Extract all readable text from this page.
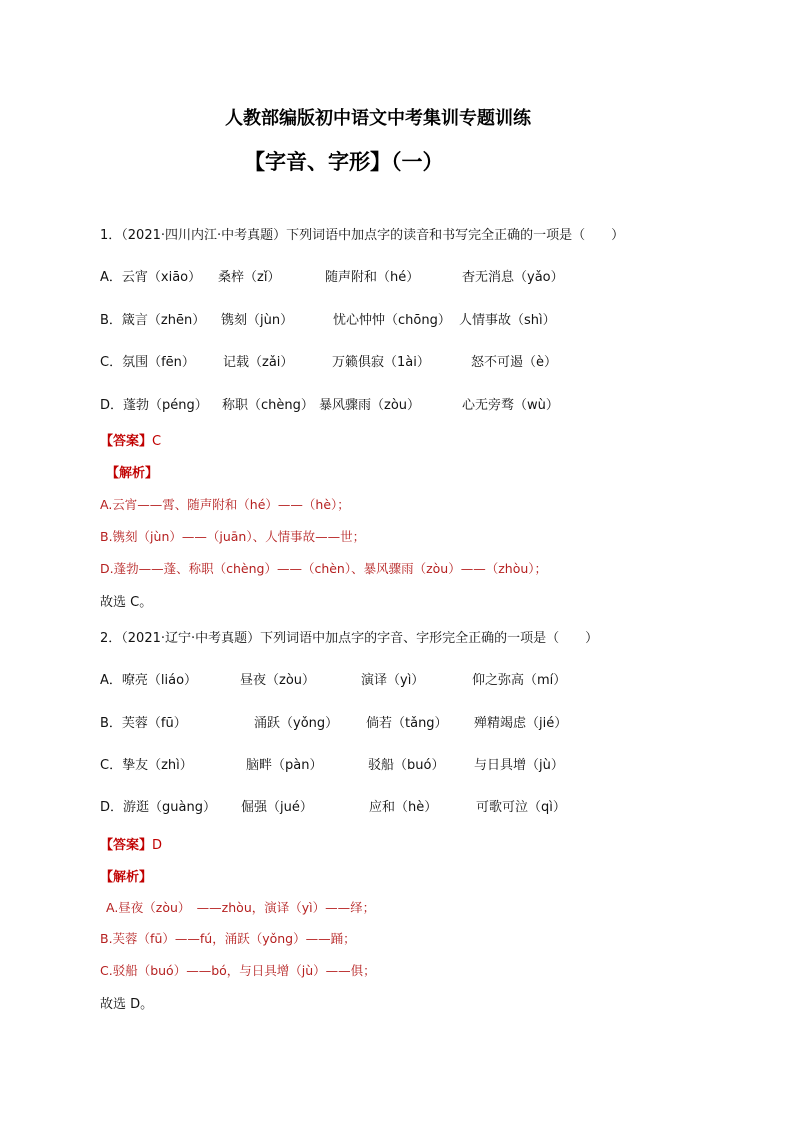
人教部编版初中语文中考集训专题训练
【字音、字形】（一）
1．（2021·四川内江·中考真题）下列词语中加点字的读音和书写完全正确的一项是（　　）
A．云宵（xiāo） 桑梓（zǐ）	随声附和（hé）	杳无消息（yǎo）
B．箴言（zhēn） 镌刻（jùn）	忧心忡忡（chōng） 人情事故（shì）
C．氛围（fēn） 记载（zǎi）	万籁俱寂（1ài）	怒不可遏（è）
D．蓬勃（péng） 称职（chèng） 暴风骤雨（zòu）	心无旁骛（wù）
【答案】C
【解析】
A.云宵——霄、随声附和（hé）——（hè）；
B.镌刻（jùn）——（juān）、人情事故——世；
D.蓬勃——蓬、称职（chèng）——（chèn）、暴风骤雨（zòu）——（zhòu）；
故选 C。
2．（2021·辽宁·中考真题）下列词语中加点字的字音、字形完全正确的一项是（　　）
A．嘹亮（liáo）	昼夜（zòu）	演译（yì）	仰之弥高（mí）
B．芙蓉（fū）	涌跃（yǒng） 倘若（tǎng） 殚精竭虑（jié）
C．挚友（zhì）	脑畔（pàn）	驳船（buó） 与日具增（jù）
D．游逛（guàng） 倔强（jué）	应和（hè）	可歌可泣（qì）
【答案】D
【解析】
A.昼夜（zòu）　——zhòu，演译（yì）——绎；
B.芙蓉（fū）——fú，涌跃（yǒng）——踊；
C.驳船（buó）——bó，与日具增（jù）——俱；
故选 D。
